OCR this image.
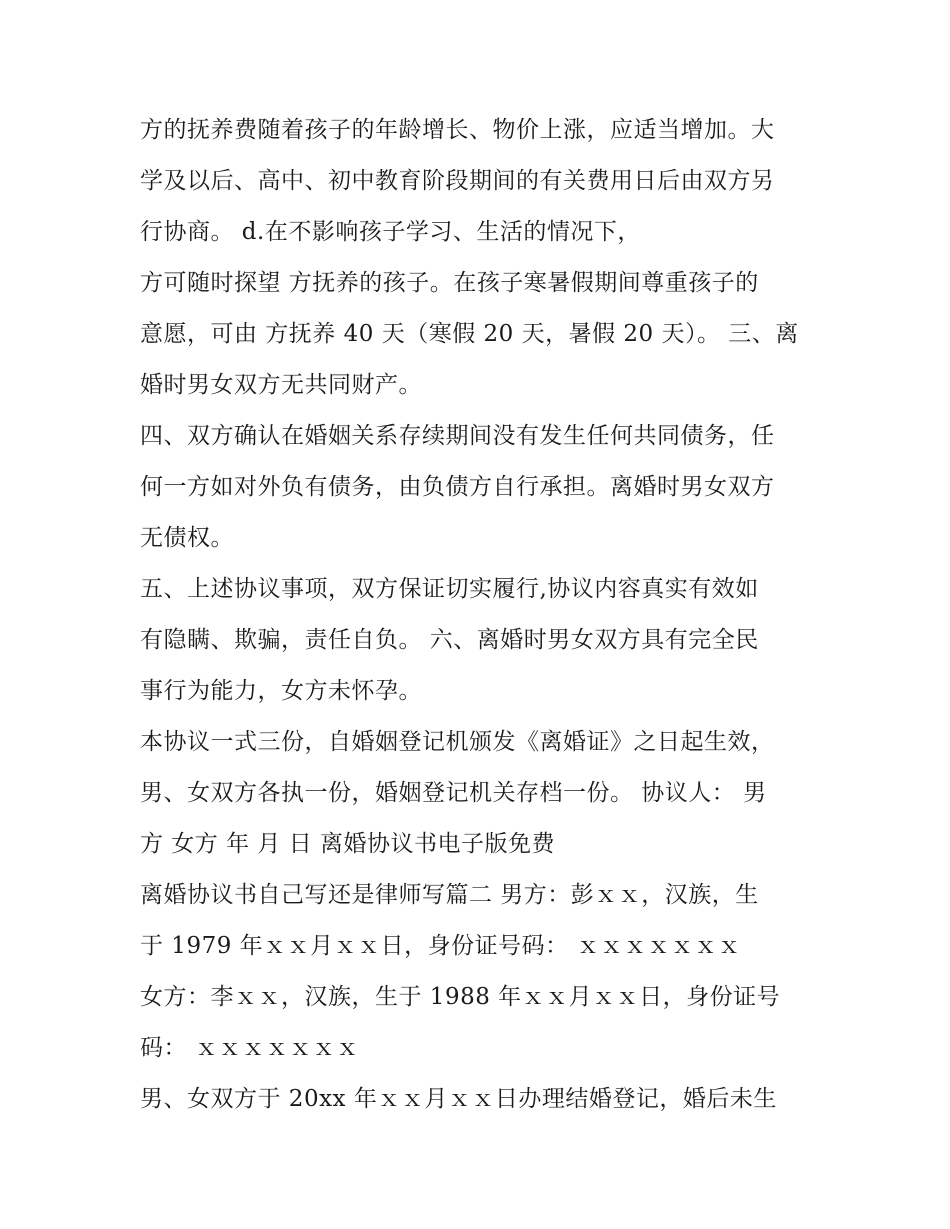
方的抚养费随着孩子的年龄增长、物价上涨，应适当增加。大
学及以后、高中、初中教育阶段期间的有关费用日后由双方另
行协商。 d.在不影响孩子学习、生活的情况下，
方可随时探望 方抚养的孩子。在孩子寒暑假期间尊重孩子的
意愿，可由 方抚养 40 天（寒假 20 天，暑假 20 天）。 三、离
婚时男女双方无共同财产。
四、双方确认在婚姻关系存续期间没有发生任何共同债务，任
何一方如对外负有债务，由负债方自行承担。离婚时男女双方
无债权。
五、上述协议事项，双方保证切实履行,协议内容真实有效如
有隐瞒、欺骗，责任自负。 六、离婚时男女双方具有完全民
事行为能力，女方未怀孕。
本协议一式三份，自婚姻登记机颁发《离婚证》之日起生效，
男、女双方各执一份，婚姻登记机关存档一份。 协议人： 男
方 女方 年 月 日 离婚协议书电子版免费
离婚协议书自己写还是律师写篇二 男方：彭ｘｘ，汉族，生
于 1979 年ｘｘ月ｘｘ日，身份证号码： ｘｘｘｘｘｘｘ
女方：李ｘｘ，汉族，生于 1988 年ｘｘ月ｘｘ日，身份证号
码： ｘｘｘｘｘｘｘ
男、女双方于 20xx 年ｘｘ月ｘｘ日办理结婚登记，婚后未生
